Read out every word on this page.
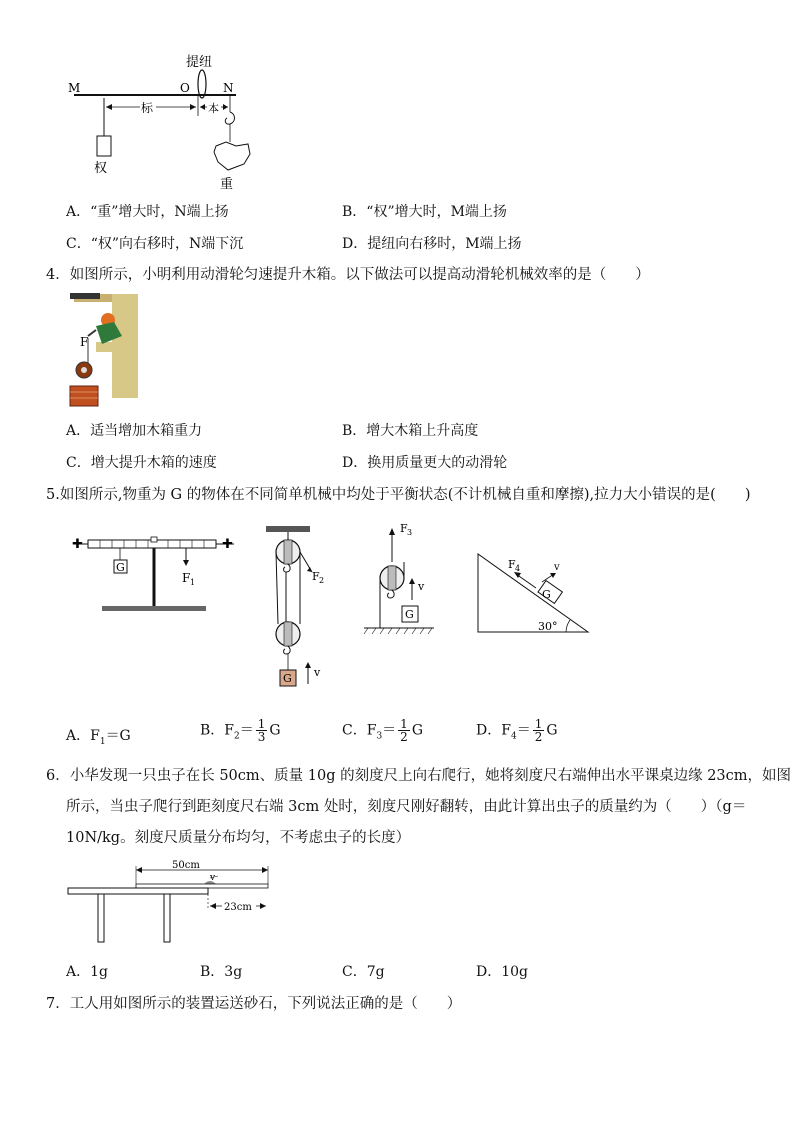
提纽
M	O	N
标	本
权
重
A．“重”增大时，N端上扬	B．“权”增大时，M端上扬
C．“权”向右移时，N端下沉	D．提纽向右移时，M端上扬
4．如图所示，小明利用动滑轮匀速提升木箱。以下做法可以提高动滑轮机械效率的是（　　）
F
A．适当增加木箱重力	B．增大木箱上升高度
C．增大提升木箱的速度	D．换用质量更大的动滑轮
5.如图所示,物重为 G 的物体在不同简单机械中均处于平衡状态(不计机械自重和摩擦),拉力大小错误的是(　　)
✚	✚
G
F 1	F 2
G v
F 3
v
G
G
F 4	v
30°
A．$F_1=G$	B．$F_2= \frac{1}{3}$ G	C．$F_3= \frac{1}{2}$ G	D．$F_4= \frac{1}{2}$ G
6．小华发现一只虫子在长 50cm、质量 10g 的刻度尺上向右爬行，她将刻度尺右端伸出水平课桌边缘 23cm，如图
所示，当虫子爬行到距刻度尺右端 3cm 处时，刻度尺刚好翻转，由此计算出虫子的质量约为（　　）（g＝
10N/kg。刻度尺质量分布均匀，不考虑虫子的长度）
50cm
v
23cm
A．1g	B．3g	C．7g	D．10g
7．工人用如图所示的装置运送砂石，下列说法正确的是（　　）
